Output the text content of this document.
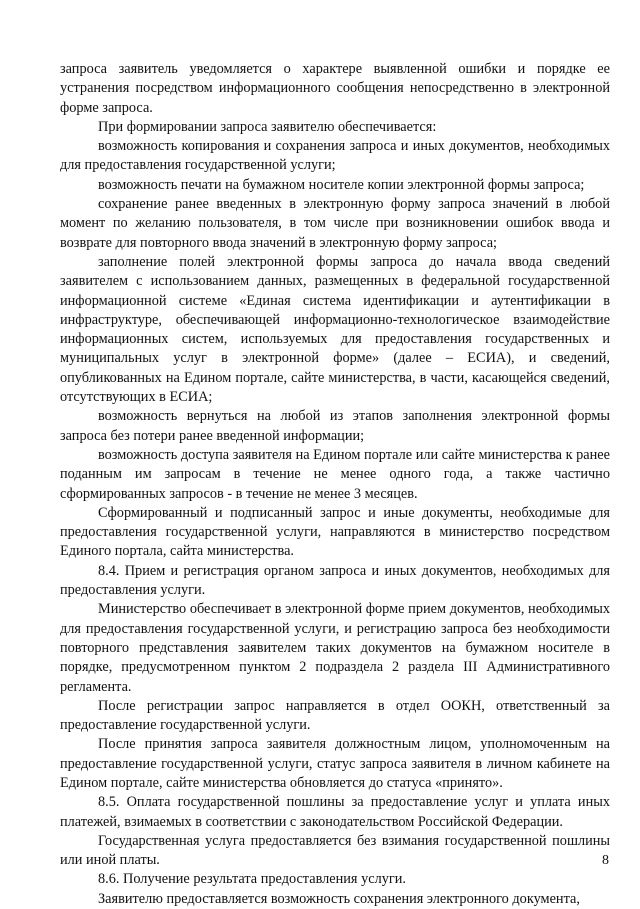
запроса заявитель уведомляется о характере выявленной ошибки и порядке ее устранения посредством информационного сообщения непосредственно в электронной форме запроса.

При формировании запроса заявителю обеспечивается:

возможность копирования и сохранения запроса и иных документов, необходимых для предоставления государственной услуги;

возможность печати на бумажном носителе копии электронной формы запроса;

сохранение ранее введенных в электронную форму запроса значений в любой момент по желанию пользователя, в том числе при возникновении ошибок ввода и возврате для повторного ввода значений в электронную форму запроса;

заполнение полей электронной формы запроса до начала ввода сведений заявителем с использованием данных, размещенных в федеральной государственной информационной системе «Единая система идентификации и аутентификации в инфраструктуре, обеспечивающей информационно-технологическое взаимодействие информационных систем, используемых для предоставления государственных и муниципальных услуг в электронной форме» (далее – ЕСИА), и сведений, опубликованных на Едином портале, сайте министерства, в части, касающейся сведений, отсутствующих в ЕСИА;

возможность вернуться на любой из этапов заполнения электронной формы запроса без потери ранее введенной информации;

возможность доступа заявителя на Едином портале или сайте министерства к ранее поданным им запросам в течение не менее одного года, а также частично сформированных запросов - в течение не менее 3 месяцев.

Сформированный и подписанный запрос и иные документы, необходимые для предоставления государственной услуги, направляются в министерство посредством Единого портала, сайта министерства.

8.4. Прием и регистрация органом запроса и иных документов, необходимых для предоставления услуги.

Министерство обеспечивает в электронной форме прием документов, необходимых для предоставления государственной услуги, и регистрацию запроса без необходимости повторного представления заявителем таких документов на бумажном носителе в порядке, предусмотренном пунктом 2 подраздела 2 раздела III Административного регламента.

После регистрации запрос направляется в отдел ООКН, ответственный за предоставление государственной услуги.

После принятия запроса заявителя должностным лицом, уполномоченным на предоставление государственной услуги, статус запроса заявителя в личном кабинете на Едином портале, сайте министерства обновляется до статуса «принято».

8.5. Оплата государственной пошлины за предоставление услуг и уплата иных платежей, взимаемых в соответствии с законодательством Российской Федерации.

Государственная услуга предоставляется без взимания государственной пошлины или иной платы.

8.6. Получение результата предоставления услуги.

Заявителю предоставляется возможность сохранения электронного документа,

8
